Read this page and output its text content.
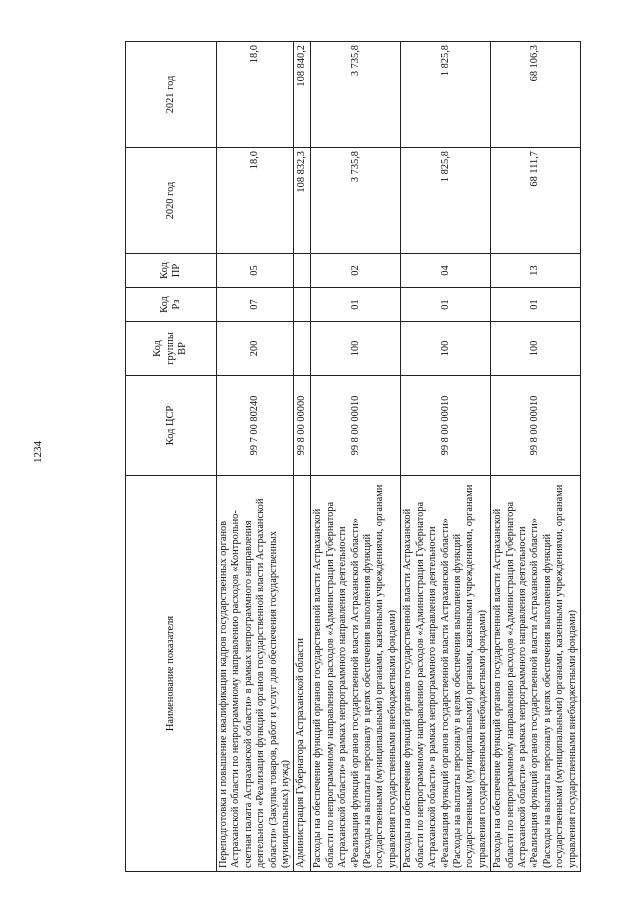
1234
Наименование показателя	Код ЦСР	Код группы ВР	Код Рз	Код ПР	2020 год	2021 год
Переподготовка и повышение квалификации кадров государственных органов Астраханской области по непрограммному направлению расходов «Контрольно-счетная палата Астраханской области» в рамках непрограммного направления деятельности «Реализация функций органов государственной власти Астраханской области» (Закупка товаров, работ и услуг для обеспечения государственных (муниципальных) нужд)	99 7 00 80240	200	07	05	18,0	18,0
Администрация Губернатора Астраханской области	99 8 00 00000				108 832,3	108 840,2
Расходы на обеспечение функций органов государственной власти Астраханской области по непрограммному направлению расходов «Администрация Губернатора Астраханской области» в рамках непрограммного направления деятельности «Реализация функций органов государственной власти Астраханской области» (Расходы на выплаты персоналу в целях обеспечения выполнения функций государственными (муниципальными) органами, казенными учреждениями, органами управления государственными внебюджетными фондами)	99 8 00 00010	100	01	02	3 735,8	3 735,8
Расходы на обеспечение функций органов государственной власти Астраханской области по непрограммному направлению расходов «Администрация Губернатора Астраханской области» в рамках непрограммного направления деятельности «Реализация функций органов государственной власти Астраханской области» (Расходы на выплаты персоналу в целях обеспечения выполнения функций государственными (муниципальными) органами, казенными учреждениями, органами управления государственными внебюджетными фондами)	99 8 00 00010	100	01	04	1 825,8	1 825,8
Расходы на обеспечение функций органов государственной власти Астраханской области по непрограммному направлению расходов «Администрация Губернатора Астраханской области» в рамках непрограммного направления деятельности «Реализация функций органов государственной власти Астраханской области» (Расходы на выплаты персоналу в целях обеспечения выполнения функций государственными (муниципальными) органами, казенными учреждениями, органами управления государственными внебюджетными фондами)	99 8 00 00010	100	01	13	68 111,7	68 106,3
